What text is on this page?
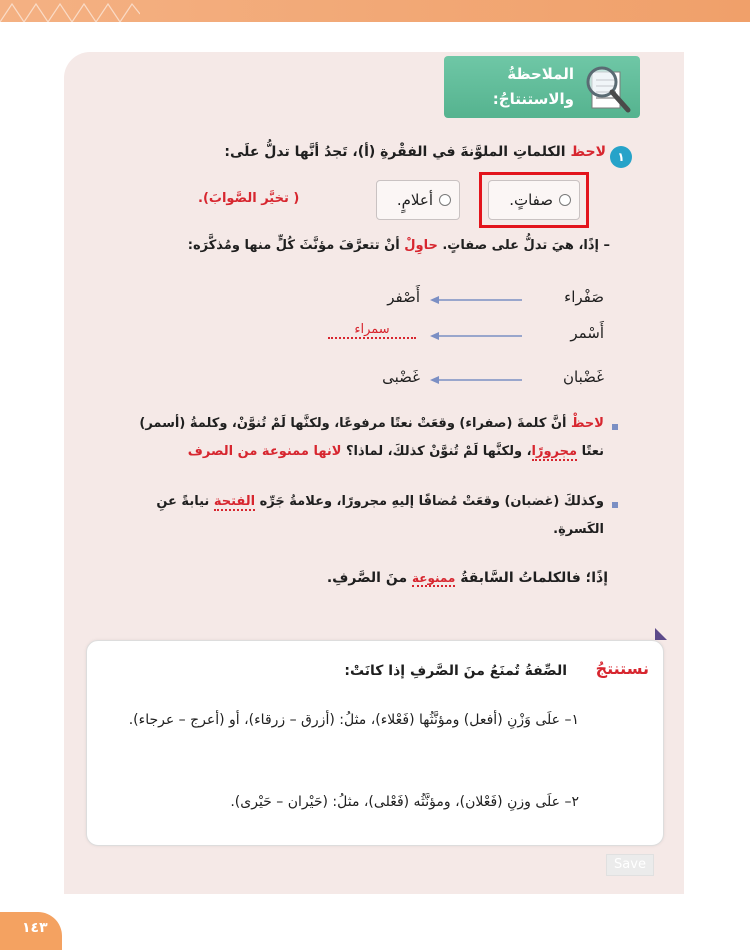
الملاحظةُ
والاستنتاجُ:
١
لاحظ الكلماتِ الملوَّنةَ في الفقْرةِ (أ)، تَجدُ أنَّها تدلُّ علَى:
صفاتٍ.
أعلامٍ.
( تخيَّر الصَّوابَ).
– إذًا، هيَ تدلُّ على صفاتٍ. حاوِلْ أنْ تتعرَّفَ مؤنَّثَ كُلٍّ منها ومُذكَّرَه:
صَفْراء
أَصْفر
أَسْمر
سمراء
غَضْبان
غَضْبى
لاحظْ أنَّ كلمةَ (صفراء) وقعَتْ نعتًا مرفوعًا، ولكنَّها لَمْ تُنوَّنْ، وكلمةُ (أسمر) نعتًا مجرورًا، ولكنَّها لَمْ تُنوَّنْ كذلكَ، لماذا؟ لانها ممنوعة من الصرف
وكذلكَ (غضبان) وقعَتْ مُضافًا إليهِ مجرورًا، وعلامةُ جَرِّه الفتحة نيابةً عنِ الكَسرةِ.
إذًا؛ فالكلماتُ السَّابقةُ ممنوعة منَ الصَّرفِ.
نستنتجُ
الصِّفةُ تُمنَعُ منَ الصَّرفِ إذا كانَتْ:
١– علَى وَزْنِ (أفعل) ومؤنَّثُها (فَعْلاء)، مثلُ: (أزرق – زرقاء)، أو (أعرج – عرجاء).
٢– علَى وزنِ (فَعْلان)، ومؤنَّثُه (فَعْلى)، مثلُ: (حَيْران – حَيْرى).
Save
١٤٣
